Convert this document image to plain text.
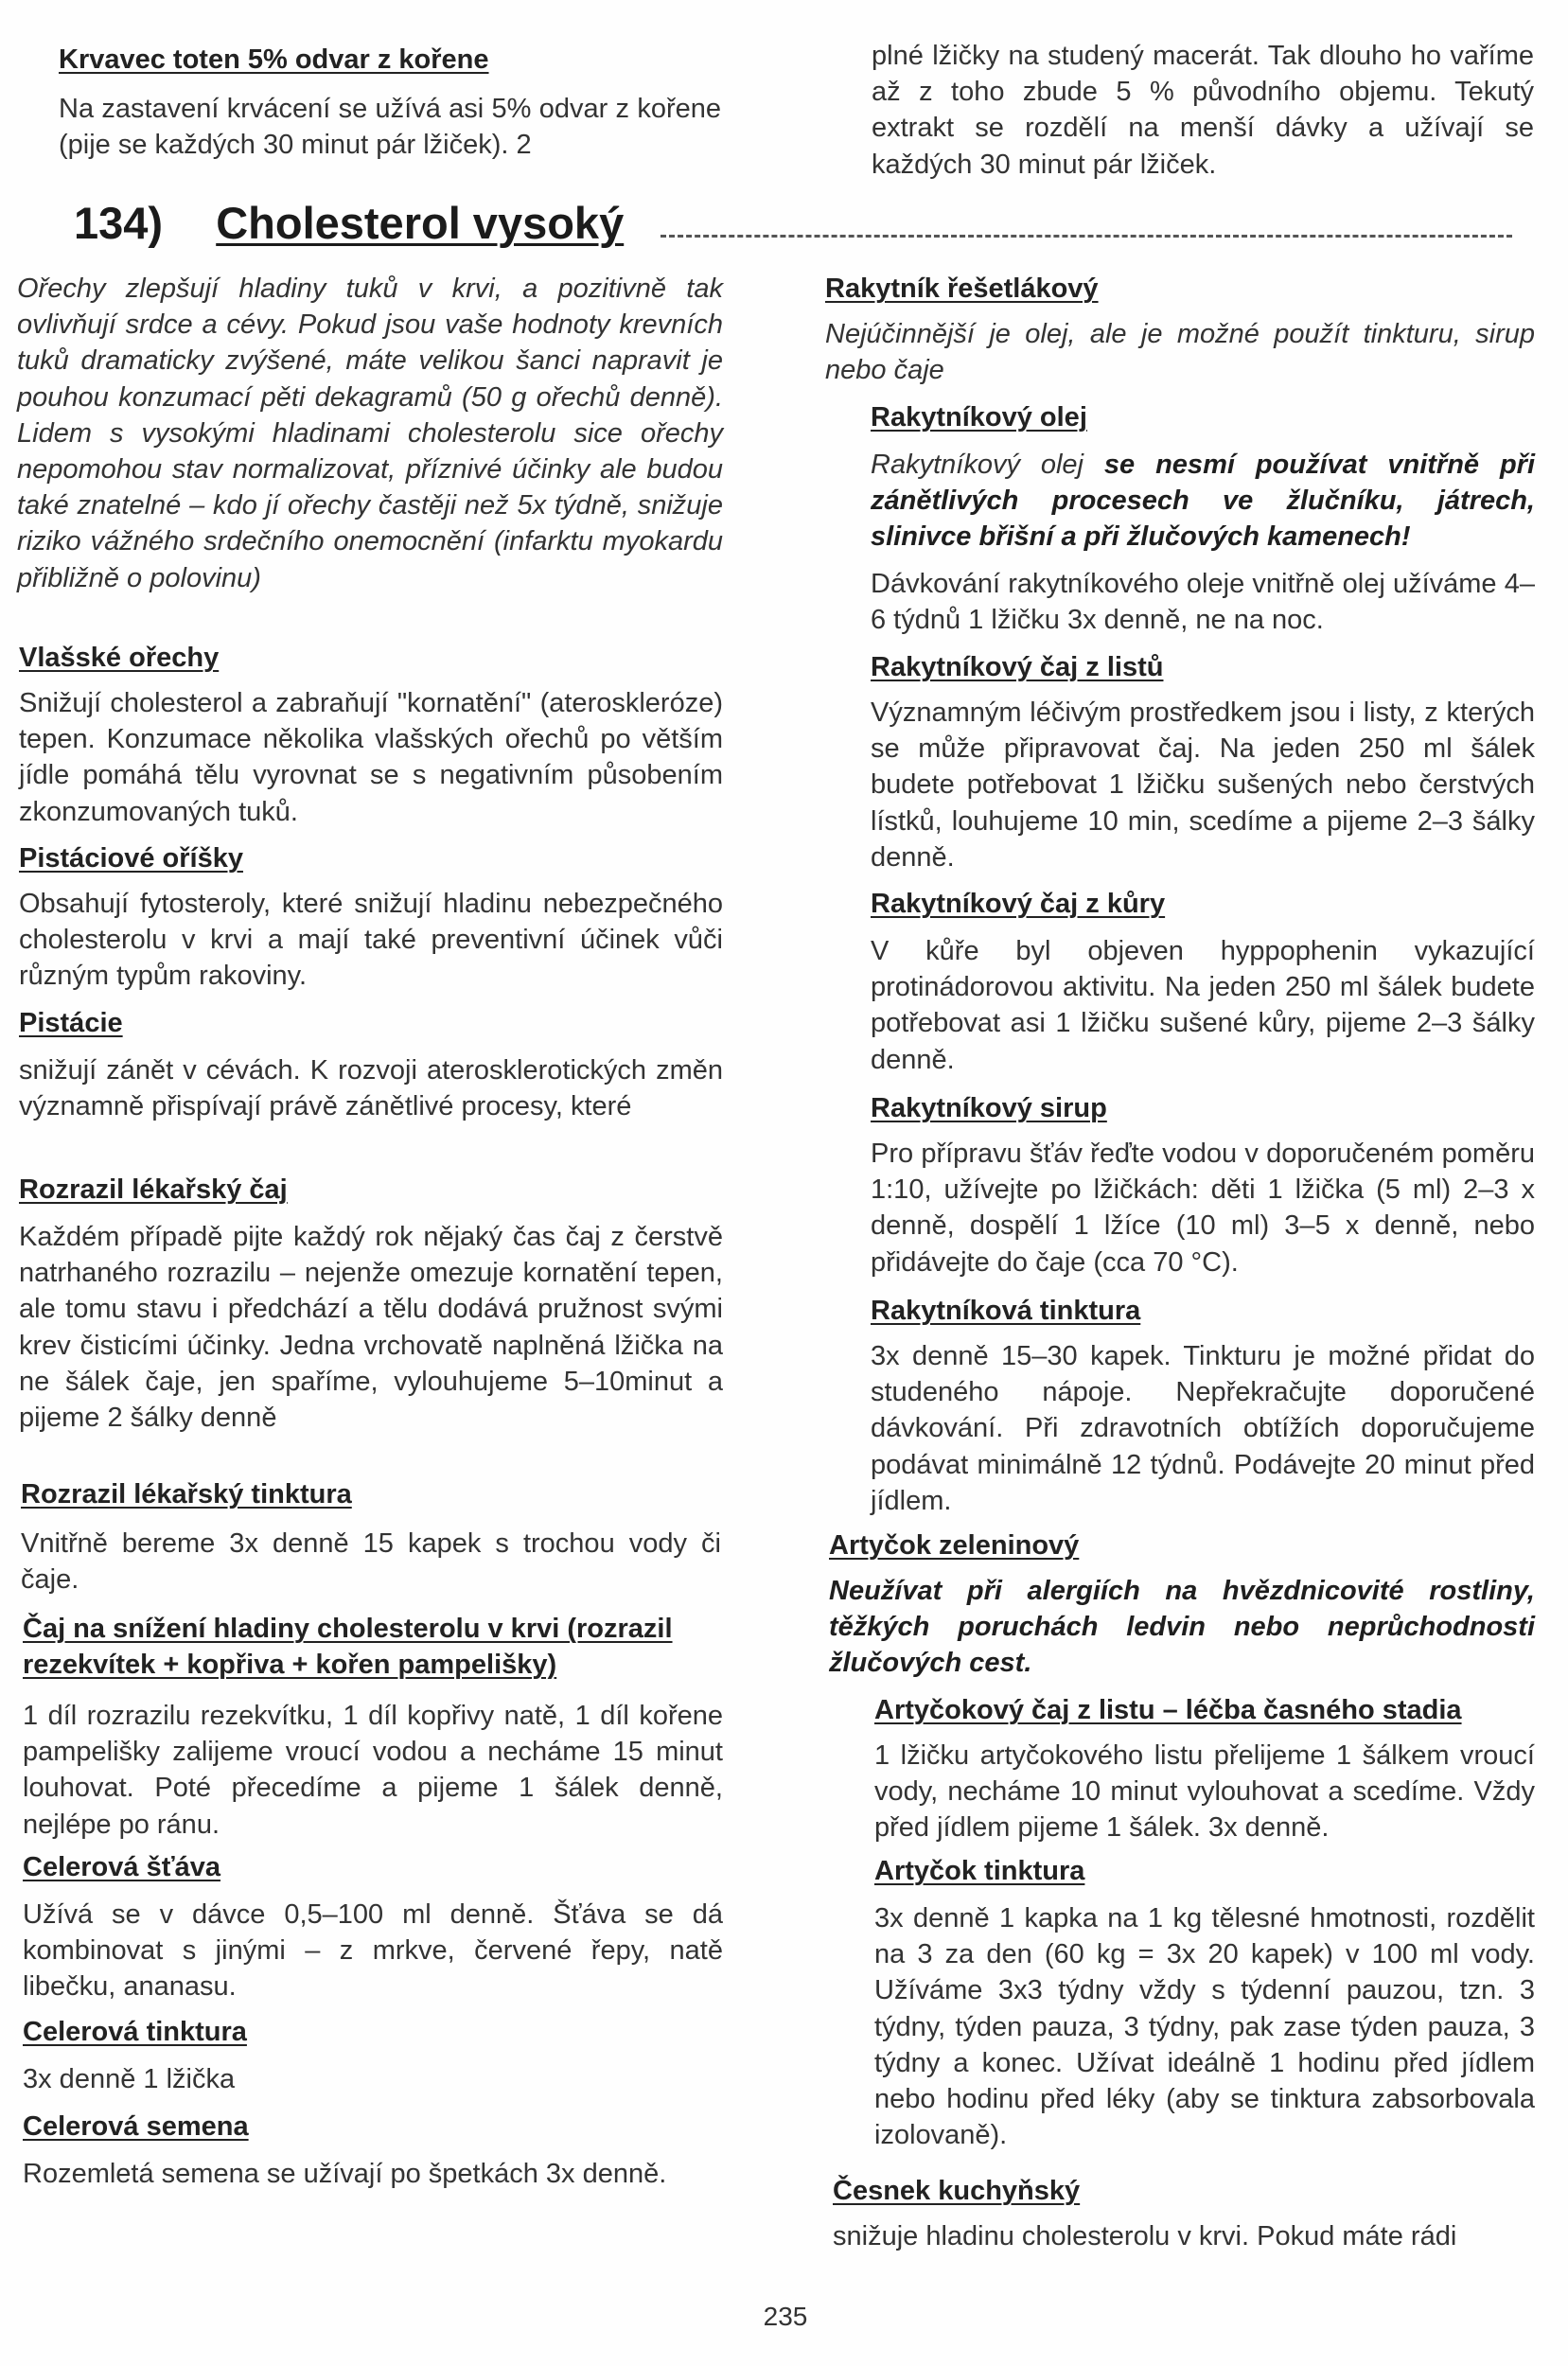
Krvavec toten 5% odvar z kořene

Na zastavení krvácení se užívá asi 5% odvar z kořene (pije se každých 30 minut pár lžiček). 2

plné lžičky na studený macerát. Tak dlouho ho vaříme až z toho zbude 5 % původního objemu. Tekutý extrakt se rozdělí na menší dávky a užívají se každých 30 minut pár lžiček.

134) Cholesterol vysoký

Ořechy zlepšují hladiny tuků v krvi, a pozitivně tak ovlivňují srdce a cévy. Pokud jsou vaše hodnoty krevních tuků dramaticky zvýšené, máte velikou šanci napravit je pouhou konzumací pěti dekagramů (50 g ořechů denně). Lidem s vysokými hladinami cholesterolu sice ořechy nepomohou stav normalizovat, příznivé účinky ale budou také znatelné – kdo jí ořechy častěji než 5x týdně, snižuje riziko vážného srdečního onemocnění (infarktu myokardu přibližně o polovinu)

Vlašské ořechy

Snižují cholesterol a zabraňují "kornatění" (ateroskleróze) tepen. Konzumace několika vlašských ořechů po větším jídle pomáhá tělu vyrovnat se s negativním působením zkonzumovaných tuků.

Pistáciové oříšky

Obsahují fytosteroly, které snižují hladinu nebezpečného cholesterolu v krvi a mají také preventivní účinek vůči různým typům rakoviny.

Pistácie

snižují zánět v cévách. K rozvoji aterosklerotických změn významně přispívají právě zánětlivé procesy, které

Rozrazil lékařský čaj

Každém případě pijte každý rok nějaký čas čaj z čerstvě natrhaného rozrazilu – nejenže omezuje kornatění tepen, ale tomu stavu i předchází a tělu dodává pružnost svými krev čisticími účinky. Jedna vrchovatě naplněná lžička na ne šálek čaje, jen spaříme, vylouhujeme 5–10minut a pijeme 2 šálky denně

Rozrazil lékařský tinktura

Vnitřně bereme 3x denně 15 kapek s trochou vody či čaje.

Čaj na snížení hladiny cholesterolu v krvi (rozrazil rezekvítek + kopřiva + kořen pampelišky)

1 díl rozrazilu rezekvítku, 1 díl kopřivy natě, 1 díl kořene pampelišky zalijeme vroucí vodou a necháme 15 minut louhovat. Poté přecedíme a pijeme 1 šálek denně, nejlépe po ránu.

Celerová šťáva

Užívá se v dávce 0,5–100 ml denně. Šťáva se dá kombinovat s jinými – z mrkve, červené řepy, natě libečku, ananasu.

Celerová tinktura

3x denně 1 lžička

Celerová semena

Rozemletá semena se užívají po špetkách 3x denně.

Rakytník řešetlákový

Nejúčinnější je olej, ale je možné použít tinkturu, sirup nebo čaje

Rakytníkový olej

Rakytníkový olej se nesmí používat vnitřně při zánětlivých procesech ve žlučníku, játrech, slinivce břišní a při žlučových kamenech!

Dávkování rakytníkového oleje vnitřně olej užíváme 4–6 týdnů 1 lžičku 3x denně, ne na noc.

Rakytníkový čaj z listů

Významným léčivým prostředkem jsou i listy, z kterých se může připravovat čaj. Na jeden 250 ml šálek budete potřebovat 1 lžičku sušených nebo čerstvých lístků, louhujeme 10 min, scedíme a pijeme 2–3 šálky denně.

Rakytníkový čaj z kůry

V kůře byl objeven hyppophenin vykazující protinádorovou aktivitu. Na jeden 250 ml šálek budete potřebovat asi 1 lžičku sušené kůry, pijeme 2–3 šálky denně.

Rakytníkový sirup

Pro přípravu šťáv řeďte vodou v doporučeném poměru 1:10, užívejte po lžičkách: děti 1 lžička (5 ml) 2–3 x denně, dospělí 1 lžíce (10 ml) 3–5 x denně, nebo přidávejte do čaje (cca 70 °C).

Rakytníková tinktura

3x denně 15–30 kapek. Tinkturu je možné přidat do studeného nápoje. Nepřekračujte doporučené dávkování. Při zdravotních obtížích doporučujeme podávat minimálně 12 týdnů. Podávejte 20 minut před jídlem.

Artyčok zeleninový

Neužívat při alergiích na hvězdnicovité rostliny, těžkých poruchách ledvin nebo neprůchodnosti žlučových cest.

Artyčokový čaj z listu – léčba časného stadia

1 lžičku artyčokového listu přelijeme 1 šálkem vroucí vody, necháme 10 minut vylouhovat a scedíme. Vždy před jídlem pijeme 1 šálek. 3x denně.

Artyčok tinktura

3x denně 1 kapka na 1 kg tělesné hmotnosti, rozdělit na 3 za den (60 kg = 3x 20 kapek) v 100 ml vody. Užíváme 3x3 týdny vždy s týdenní pauzou, tzn. 3 týdny, týden pauza, 3 týdny, pak zase týden pauza, 3 týdny a konec. Užívat ideálně 1 hodinu před jídlem nebo hodinu před léky (aby se tinktura zabsorbovala izolovaně).

Česnek kuchyňský

snižuje hladinu cholesterolu v krvi. Pokud máte rádi

235
